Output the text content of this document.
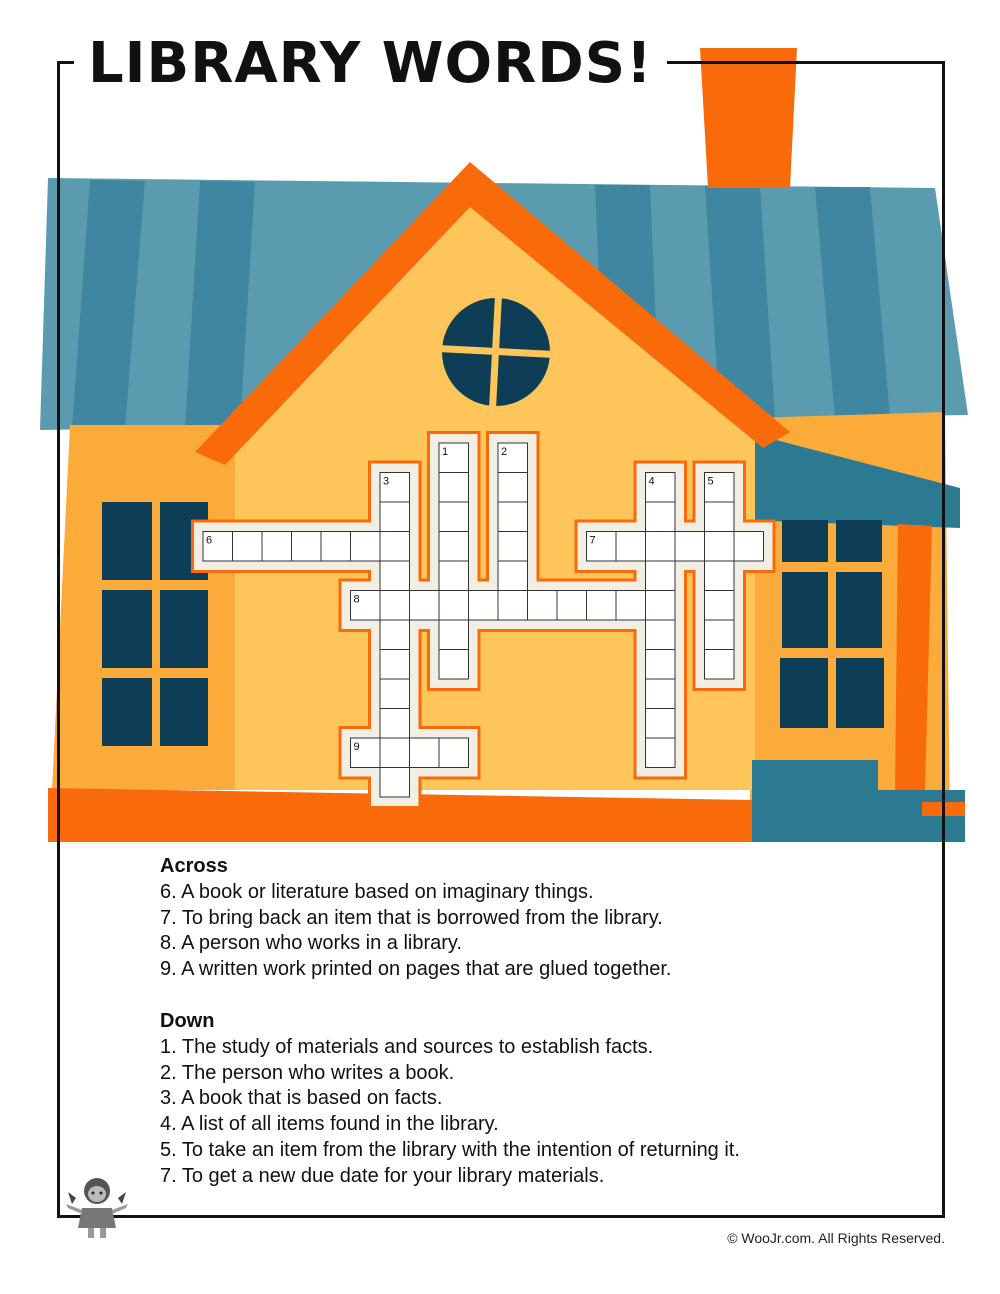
1	2
3	4	5
6	7
8
9
LIBRARY WORDS!
Across
6. A book or literature based on imaginary things.
7. To bring back an item that is borrowed from the library.
8. A person who works in a library.
9. A written work printed on pages that are glued together.
Down
1. The study of materials and sources to establish facts.
2. The person who writes a book.
3. A book that is based on facts.
4. A list of all items found in the library.
5. To take an item from the library with the intention of returning it.
7. To get a new due date for your library materials.
© WooJr.com. All Rights Reserved.
